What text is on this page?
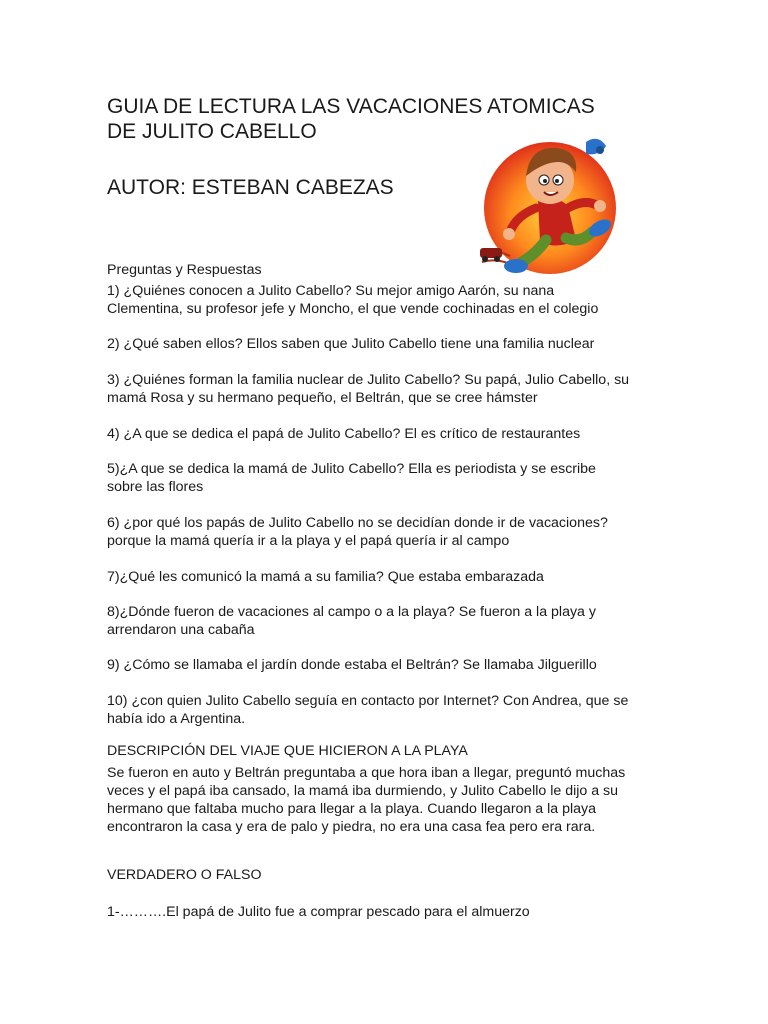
GUIA DE LECTURA LAS VACACIONES ATOMICAS
DE JULITO CABELLO
AUTOR: ESTEBAN CABEZAS

Preguntas y Respuestas

1) ¿Quiénes conocen a Julito Cabello? Su mejor amigo Aarón, su nana

Clementina, su profesor jefe y Moncho, el que vende cochinadas en el colegio

2) ¿Qué saben ellos? Ellos saben que Julito Cabello tiene una familia nuclear

3) ¿Quiénes forman la familia nuclear de Julito Cabello? Su papá, Julio Cabello, su

mamá Rosa y su hermano pequeño, el Beltrán, que se cree hámster

4) ¿A que se dedica el papá de Julito Cabello? El es crítico de restaurantes

5)¿A que se dedica la mamá de Julito Cabello? Ella es periodista y se escribe

sobre las flores

6) ¿por qué los papás de Julito Cabello no se decidían donde ir de vacaciones?

porque la mamá quería ir a la playa y el papá quería ir al campo

7)¿Qué les comunicó la mamá a su familia? Que estaba embarazada

8)¿Dónde fueron de vacaciones al campo o a la playa? Se fueron a la playa y

arrendaron una cabaña

9) ¿Cómo se llamaba el jardín donde estaba el Beltrán? Se llamaba Jilguerillo

10) ¿con quien Julito Cabello seguía en contacto por Internet? Con Andrea, que se

había ido a Argentina.

DESCRIPCIÓN DEL VIAJE QUE HICIERON A LA PLAYA

Se fueron en auto y Beltrán preguntaba a que hora iban a llegar, preguntó muchas

veces y el papá iba cansado, la mamá iba durmiendo, y Julito Cabello le dijo a su

hermano que faltaba mucho para llegar a la playa. Cuando llegaron a la playa

encontraron la casa y era de palo y piedra, no era una casa fea pero era rara.

VERDADERO O FALSO

1-……….El papá de Julito fue a comprar pescado para el almuerzo
